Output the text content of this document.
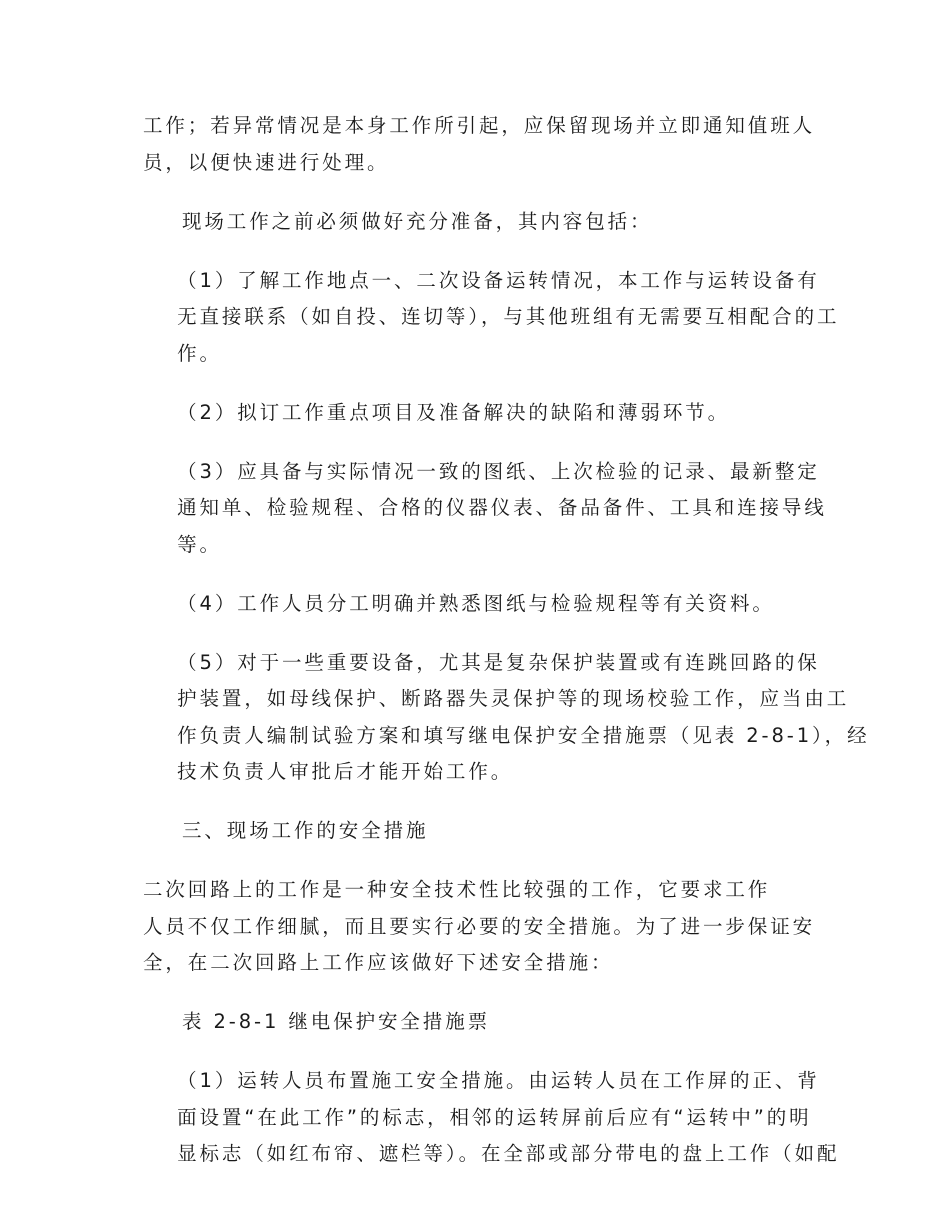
工作；若异常情况是本身工作所引起，应保留现场并立即通知值班人
员，以便快速进行处理。
现场工作之前必须做好充分准备，其内容包括：
（1）了解工作地点一、二次设备运转情况，本工作与运转设备有
无直接联系（如自投、连切等），与其他班组有无需要互相配合的工
作。
（2）拟订工作重点项目及准备解决的缺陷和薄弱环节。
（3）应具备与实际情况一致的图纸、上次检验的记录、最新整定
通知单、检验规程、合格的仪器仪表、备品备件、工具和连接导线
等。
（4）工作人员分工明确并熟悉图纸与检验规程等有关资料。
（5）对于一些重要设备，尤其是复杂保护装置或有连跳回路的保
护装置，如母线保护、断路器失灵保护等的现场校验工作，应当由工
作负责人编制试验方案和填写继电保护安全措施票（见表 2-8-1），经
技术负责人审批后才能开始工作。
三、现场工作的安全措施
二次回路上的工作是一种安全技术性比较强的工作，它要求工作
人员不仅工作细腻，而且要实行必要的安全措施。为了进一步保证安
全，在二次回路上工作应该做好下述安全措施：
表 2-8-1 继电保护安全措施票
（1）运转人员布置施工安全措施。由运转人员在工作屏的正、背
面设置“在此工作”的标志，相邻的运转屏前后应有“运转中”的明
显标志（如红布帘、遮栏等）。在全部或部分带电的盘上工作（如配
